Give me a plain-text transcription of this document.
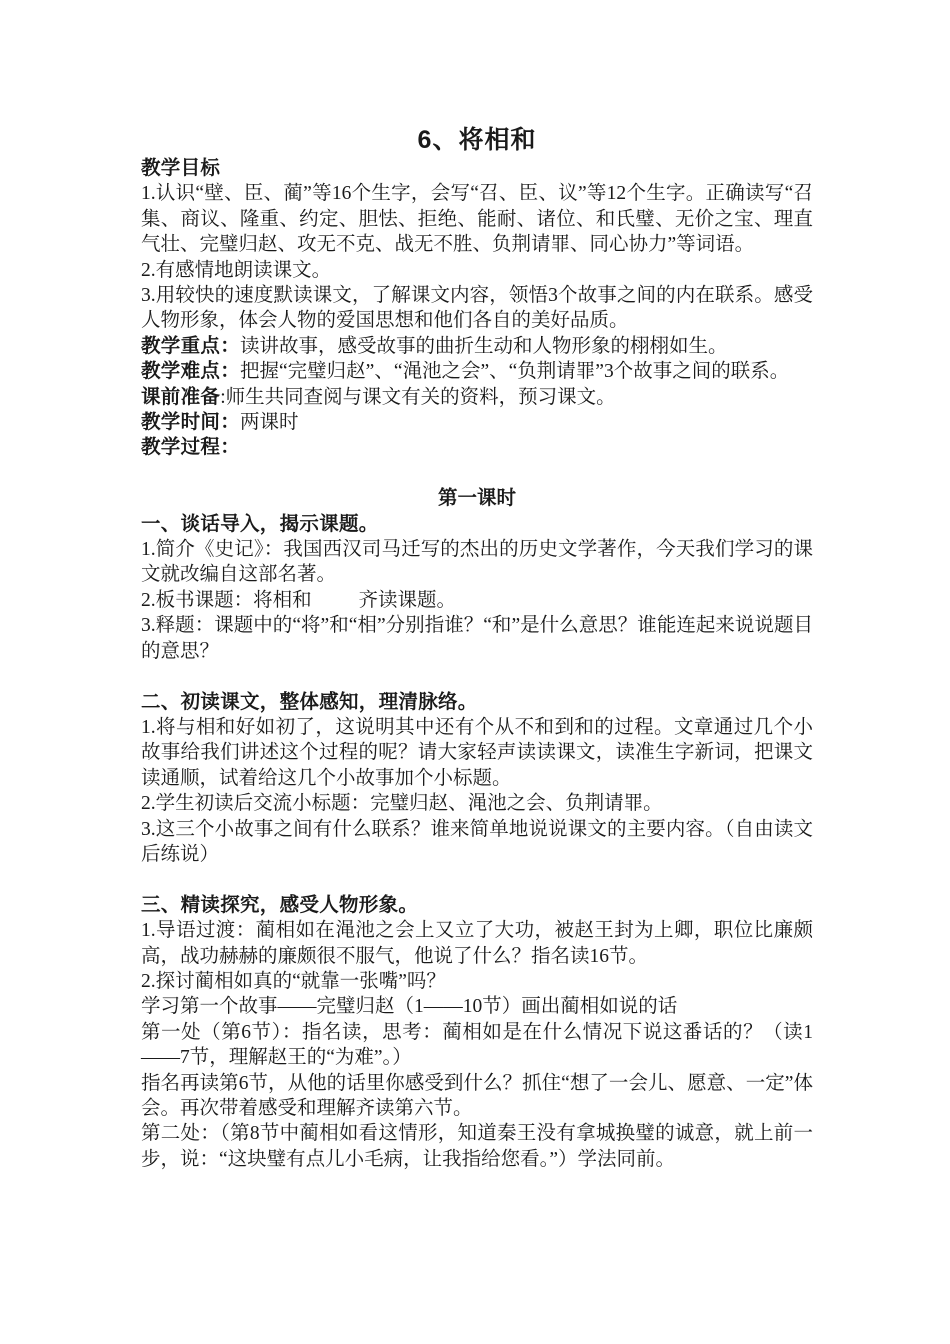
6、将相和

教学目标

1.认识“壁、臣、蔺”等16个生字，会写“召、臣、议”等12个生字。正确读写“召集、商议、隆重、约定、胆怯、拒绝、能耐、诸位、和氏璧、无价之宝、理直气壮、完璧归赵、攻无不克、战无不胜、负荆请罪、同心协力”等词语。

2.有感情地朗读课文。

3.用较快的速度默读课文，了解课文内容，领悟3个故事之间的内在联系。感受人物形象，体会人物的爱国思想和他们各自的美好品质。

教学重点：读讲故事，感受故事的曲折生动和人物形象的栩栩如生。

教学难点：把握“完璧归赵”、“渑池之会”、“负荆请罪”3个故事之间的联系。

课前准备:师生共同查阅与课文有关的资料，预习课文。

教学时间：两课时

教学过程：

第一课时

一、谈话导入，揭示课题。

1.简介《史记》：我国西汉司马迁写的杰出的历史文学著作，今天我们学习的课文就改编自这部名著。

2.板书课题：将相和 齐读课题。

3.释题：课题中的“将”和“相”分别指谁？“和”是什么意思？谁能连起来说说题目的意思？

二、初读课文，整体感知，理清脉络。

1.将与相和好如初了，这说明其中还有个从不和到和的过程。文章通过几个小故事给我们讲述这个过程的呢？请大家轻声读读课文，读准生字新词，把课文读通顺，试着给这几个小故事加个小标题。

2.学生初读后交流小标题：完璧归赵、渑池之会、负荆请罪。

3.这三个小故事之间有什么联系？谁来简单地说说课文的主要内容。（自由读文后练说）

三、精读探究，感受人物形象。

1.导语过渡：蔺相如在渑池之会上又立了大功，被赵王封为上卿，职位比廉颇高，战功赫赫的廉颇很不服气，他说了什么？指名读16节。

2.探讨蔺相如真的“就靠一张嘴”吗？

学习第一个故事——完璧归赵（1——10节）画出蔺相如说的话

第一处（第6节）：指名读，思考：蔺相如是在什么情况下说这番话的？（读1——7节，理解赵王的“为难”。）

指名再读第6节，从他的话里你感受到什么？抓住“想了一会儿、愿意、一定”体会。再次带着感受和理解齐读第六节。

第二处：（第8节中蔺相如看这情形，知道秦王没有拿城换璧的诚意，就上前一步，说：“这块璧有点儿小毛病，让我指给您看。”）学法同前。
